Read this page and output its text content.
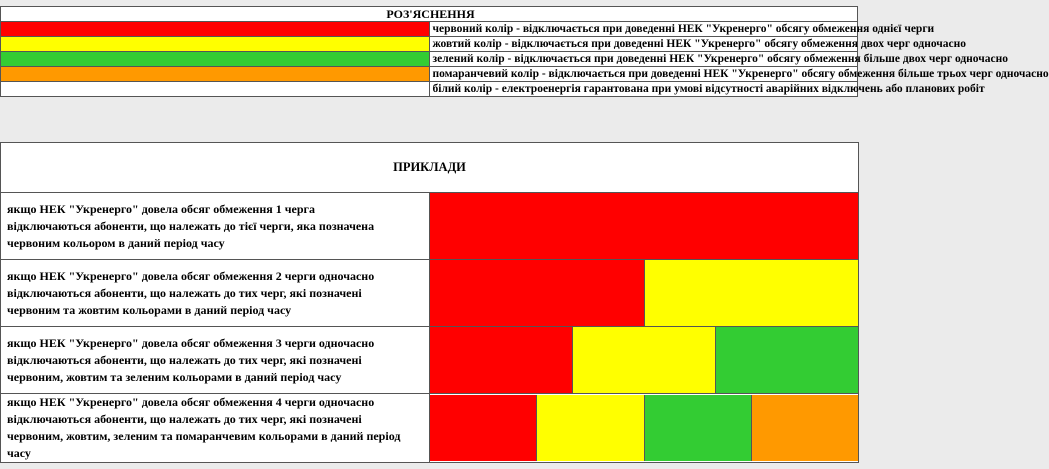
РОЗ'ЯСНЕННЯ	
	червоний колір - відключається при доведенні НЕК "Укренерго" обсягу обмеження однієї черги
	жовтий колір - відключається при доведенні НЕК "Укренерго" обсягу обмеження двох черг одночасно
	зелений колір - відключається при доведенні НЕК "Укренерго" обсягу обмеження більше двох черг одночасно
	помаранчевий колір - відключається при доведенні НЕК "Укренерго" обсягу обмеження більше трьох черг одночасно
	білий колір - електроенергія гарантована при умові відсутності аварійних відключень або планових робіт
ПРИКЛАДИ	
якщо НЕК "Укренерго" довела обсяг обмеження 1 черга відключаються абоненти, що належать до тієї черги, яка позначена червоним кольором в даний період часу	

якщо НЕК "Укренерго" довела обсяг обмеження 2 черги одночасно відключаються абоненти, що належать до тих черг, які позначені червоним та жовтим кольорами в даний період часу	

якщо НЕК "Укренерго" довела обсяг обмеження 3 черги одночасно відключаються абоненти, що належать до тих черг, які позначені червоним, жовтим та зеленим кольорами в даний період часу	

якщо НЕК "Укренерго" довела обсяг обмеження 4 черги одночасно відключаються абоненти, що належать до тих черг, які позначені червоним, жовтим, зеленим та помаранчевим кольорами в даний період часу	
